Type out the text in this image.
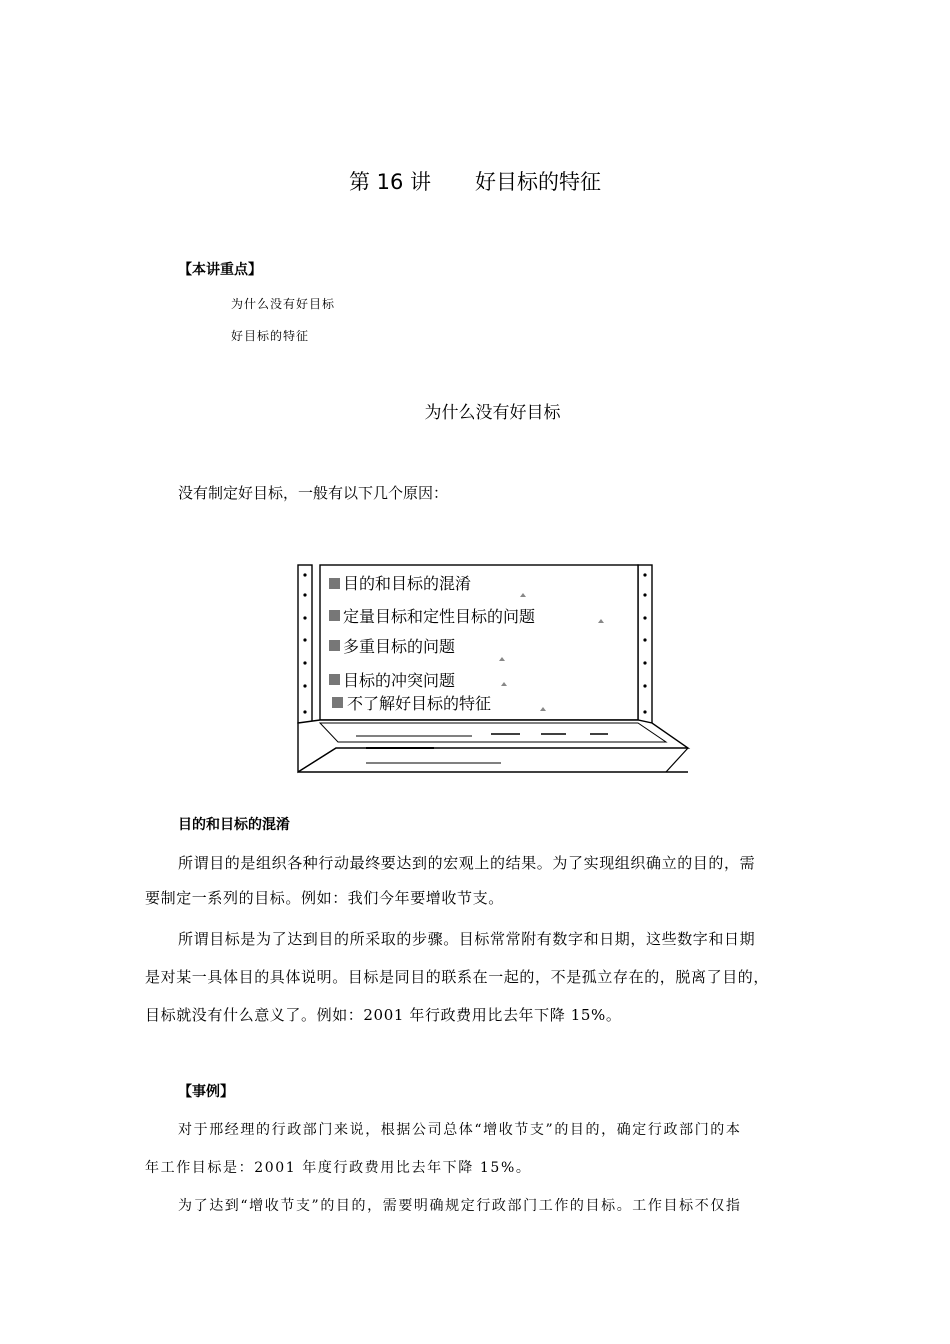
第 16 讲 好目标的特征
【本讲重点】
为什么没有好目标
好目标的特征
为什么没有好目标
没有制定好目标，一般有以下几个原因：
目的和目标的混淆
定量目标和定性目标的问题
多重目标的问题
目标的冲突问题
不了解好目标的特征
目的和目标的混淆
所谓目的是组织各种行动最终要达到的宏观上的结果。为了实现组织确立的目的，需
要制定一系列的目标。例如：我们今年要增收节支。
所谓目标是为了达到目的所采取的步骤。目标常常附有数字和日期，这些数字和日期
是对某一具体目的具体说明。目标是同目的联系在一起的，不是孤立存在的，脱离了目的，
目标就没有什么意义了。例如：2001 年行政费用比去年下降 15%。
【事例】
对于邢经理的行政部门来说，根据公司总体“增收节支”的目的，确定行政部门的本
年工作目标是：2001 年度行政费用比去年下降 15%。
为了达到“增收节支”的目的，需要明确规定行政部门工作的目标。工作目标不仅指
